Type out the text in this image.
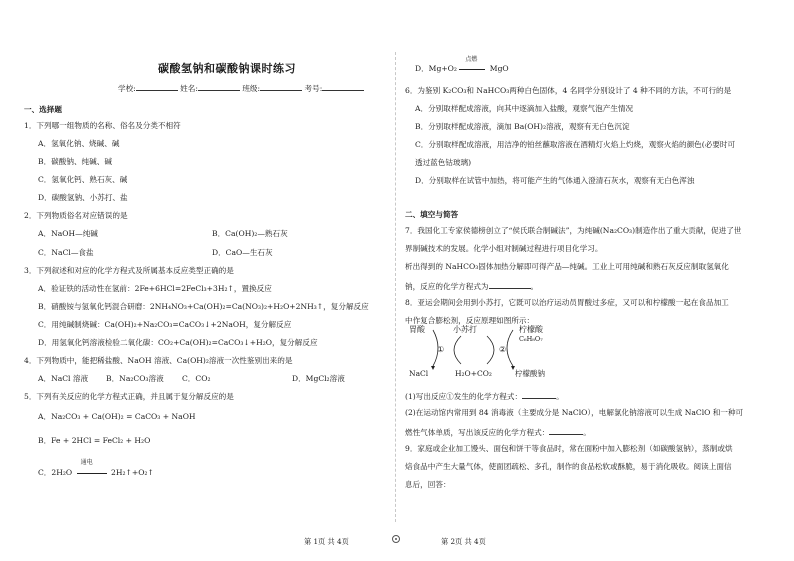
碳酸氢钠和碳酸钠课时练习
学校:	姓名:	班级:	考号:
一、选择题
1．下列哪一组物质的名称、俗名及分类不相符
A．氢氧化钠、烧碱、碱
B．碳酸钠、纯碱、碱
C．氢氧化钙、熟石灰、碱
D．碳酸氢钠、小苏打、盐
2．下列物质俗名对应错误的是
A．NaOH—纯碱	B．Ca(OH)₂—熟石灰
C．NaCl—食盐	D．CaO—生石灰
3．下列叙述和对应的化学方程式及所属基本反应类型正确的是
A．验证铁的活动性在氢前：2Fe+6HCl=2FeCl₃+3H₂↑，置换反应
B．硝酸铵与氢氧化钙混合研磨：2NH₄NO₃+Ca(OH)₂=Ca(NO₃)₂+H₂O+2NH₃↑，复分解反应
C．用纯碱制烧碱：Ca(OH)₂+Na₂CO₃=CaCO₃↓+2NaOH，复分解反应
D．用氢氧化钙溶液检验二氧化碳：CO₂+Ca(OH)₂=CaCO₃↓+H₂O，复分解反应
4．下列物质中，能把稀盐酸、NaOH 溶液、Ca(OH)₂溶液一次性鉴别出来的是
A．NaCl 溶液 B．Na₂CO₃溶液 C．CO₂	D．MgCl₂溶液
5．下列有关反应的化学方程式正确，并且属于复分解反应的是
A．Na₂CO₃ + Ca(OH)₂ = CaCO₃ + NaOH
B．Fe + 2HCl = FeCl₂ + H₂O
C．2H₂O
通电
2H₂↑+O₂↑
第 1页 共 4页
D．Mg+O₂
点燃
MgO
6．为鉴别 K₂CO₃和 NaHCO₃两种白色固体，4 名同学分别设计了 4 种不同的方法，不可行的是
A．分别取样配成溶液，向其中逐滴加入盐酸，观察气泡产生情况
B．分别取样配成溶液，滴加 Ba(OH)₂溶液，观察有无白色沉淀
C．分别取样配成溶液，用洁净的铂丝蘸取溶液在酒精灯火焰上灼烧，观察火焰的颜色(必要时可
透过蓝色钴玻璃)
D．分别取样在试管中加热，将可能产生的气体通入澄清石灰水，观察有无白色浑浊
二、填空与简答
7．我国化工专家侯德榜创立了“侯氏联合制碱法”，为纯碱(Na₂CO₃)制造作出了重大贡献，促进了世
界制碱技术的发展。化学小组对制碱过程进行项目化学习。
析出得到的 NaHCO₃固体加热分解即可得产品—纯碱。工业上可用纯碱和熟石灰反应制取氢氧化
钠，反应的化学方程式为	。
8．亚运会期间会用到小苏打，它既可以治疗运动员胃酸过多症，又可以和柠檬酸一起在食品加工
中作复合膨松剂，反应原理如图所示：
胃酸	小苏打	柠檬酸
C₆H₈O₇
①	②
NaCl	H₂O+CO₂	柠檬酸钠
(1)写出反应①发生的化学方程式：	。
(2)在运动馆内常用到 84 消毒液（主要成分是 NaClO），电解氯化钠溶液可以生成 NaClO 和一种可
燃性气体单质，写出该反应的化学方程式：	。
9．家庭或企业加工馒头、面包和饼干等食品时，常在面粉中加入膨松剂（如碳酸氢钠），蒸制或烘
焙食品中产生大量气体，使面团疏松、多孔，制作的食品松软或酥脆，易于消化吸收。阅读上面信
息后，回答：
第 2页 共 4页
